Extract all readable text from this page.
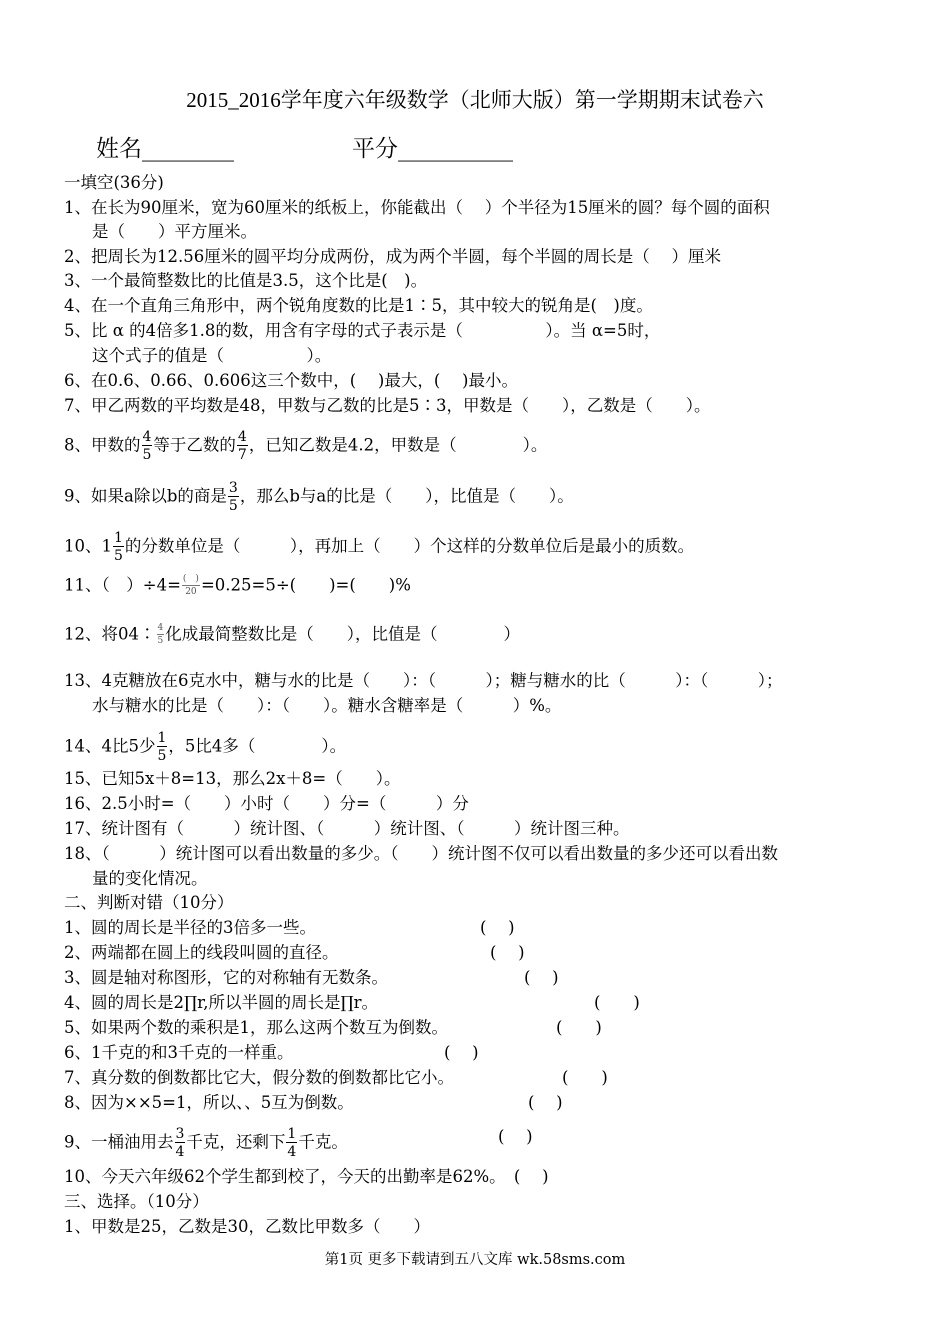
2015_2016学年度六年级数学（北师大版）第一学期期末试卷六
姓名________	平分__________
一填空(36分)
1、在长为90厘米，宽为60厘米的纸板上，你能截出（　 ）个半径为15厘米的圆？每个圆的面积
是（　　）平方厘米。
2、把周长为12.56厘米的圆平均分成两份，成为两个半圆，每个半圆的周长是（　 ）厘米
3、一个最简整数比的比值是3.5，这个比是(　)。
4、在一个直角三角形中，两个锐角度数的比是1∶5，其中较大的锐角是(　)度。
5、比 α 的4倍多1.8的数，用含有字母的式子表示是（　　　　　）。当 α=5时，
这个式子的值是（　　　　　）。
6、在0.6、0.66、0.606这三个数中，(　 )最大，(　 )最小。
7、甲乙两数的平均数是48，甲数与乙数的比是5∶3，甲数是（　　），乙数是（　　）。
8、甲数的 $\frac{4}{5}$ 等于乙数的 $\frac{4}{7}$ ，已知乙数是4.2，甲数是（　　　　）。
9、如果a除以b的商是 $\frac{3}{5}$ ，那么b与a的比是（　　），比值是（　　）。
10、$1 \frac{1}{5}$ 的分数单位是（　　　），再加上（　　）个这样的分数单位后是最小的质数。
11、（　）$\div 4= \frac{( )}{20} =0.25=5\div$(　　)=(　　)%
12、将04∶ $\frac{4}{5}$ 化成最简整数比是（　　），比值是（　　　　）
13、4克糖放在6克水中，糖与水的比是（　　）：（　　　）；糖与糖水的比（　　　）：（　　　）；
水与糖水的比是（　　）：（　　）。糖水含糖率是（　　　）%。
14、4比5少 $\frac{1}{5}$ ，5比4多（　　　　）。
15、已知5x＋8=13，那么2x＋8=（　　）。
16、2.5小时=（　　）小时（　　）分=（　　　）分
17、统计图有（　　　）统计图、（　　　）统计图、（　　　）统计图三种。
18、（　　　）统计图可以看出数量的多少。（　　）统计图不仅可以看出数量的多少还可以看出数
量的变化情况。
二、判断对错（10分）
1、圆的周长是半径的3倍多一些。	(　 )
2、两端都在圆上的线段叫圆的直径。	(　 )
3、圆是轴对称图形，它的对称轴有无数条。	(　 )
4、圆的周长是2∏r,所以半圆的周长是∏r。	(　　)
5、如果两个数的乘积是1，那么这两个数互为倒数。	(　　)
6、1千克的和3千克的一样重。	(　 )
7、真分数的倒数都比它大，假分数的倒数都比它小。	(　　)
8、因为××5=1，所以、、5互为倒数。	(　 )
9、一桶油用去 $\frac{3}{4}$ 千克，还剩下 $\frac{1}{4}$ 千克。	(　 )
10、今天六年级62个学生都到校了，今天的出勤率是62%。　(　 )
三、选择。（10分）
1、甲数是25，乙数是30，乙数比甲数多（　　）
第1页 更多下载请到五八文库 wk.58sms.com
